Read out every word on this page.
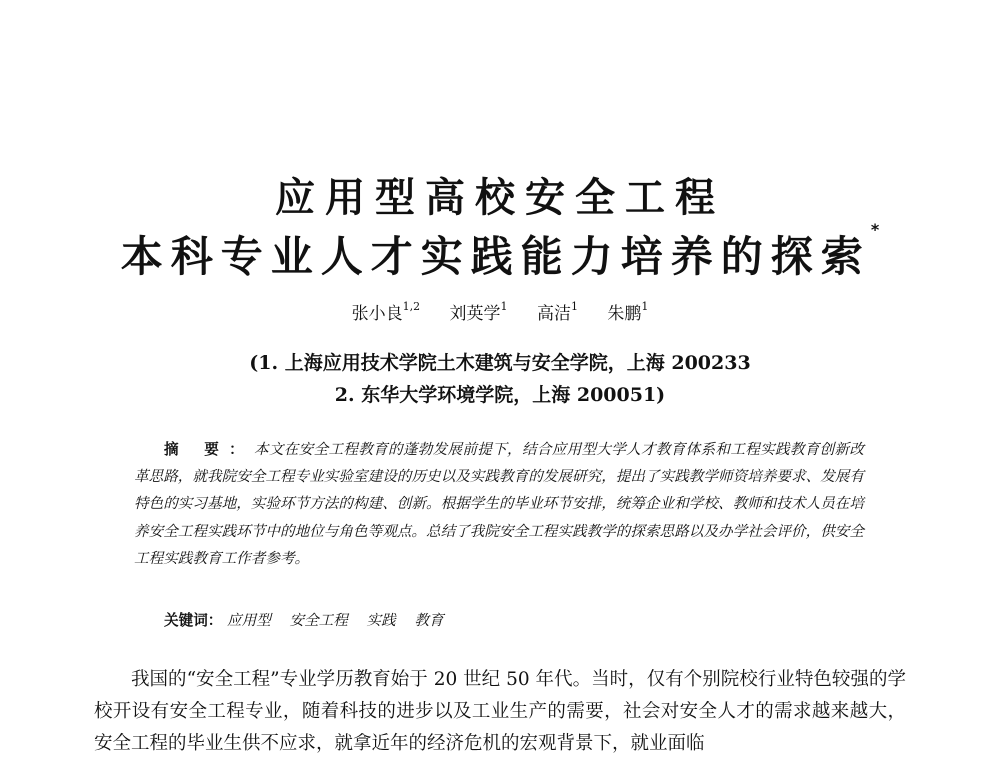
应用型高校安全工程
本科专业人才实践能力培养的探索*
张小良$^{1,2}$ 刘英学$^1$ 高洁$^1$ 朱鹏$^1$
(1. 上海应用技术学院土木建筑与安全学院，上海 200233
2. 东华大学环境学院，上海 200051)
摘 要：本文在安全工程教育的蓬勃发展前提下，结合应用型大学人才教育体系和工程实践教育创新改革思路，就我院安全工程专业实验室建设的历史以及实践教育的发展研究，提出了实践教学师资培养要求、发展有特色的实习基地，实验环节方法的构建、创新。根据学生的毕业环节安排，统筹企业和学校、教师和技术人员在培养安全工程实践环节中的地位与角色等观点。总结了我院安全工程实践教学的探索思路以及办学社会评价，供安全工程实践教育工作者参考。
关键词： 应用型 安全工程 实践 教育
我国的“安全工程”专业学历教育始于 20 世纪 50 年代。当时，仅有个别院校行业特色较强的学校开设有安全工程专业，随着科技的进步以及工业生产的需要，社会对安全人才的需求越来越大，安全工程的毕业生供不应求，就拿近年的经济危机的宏观背景下，就业面临
